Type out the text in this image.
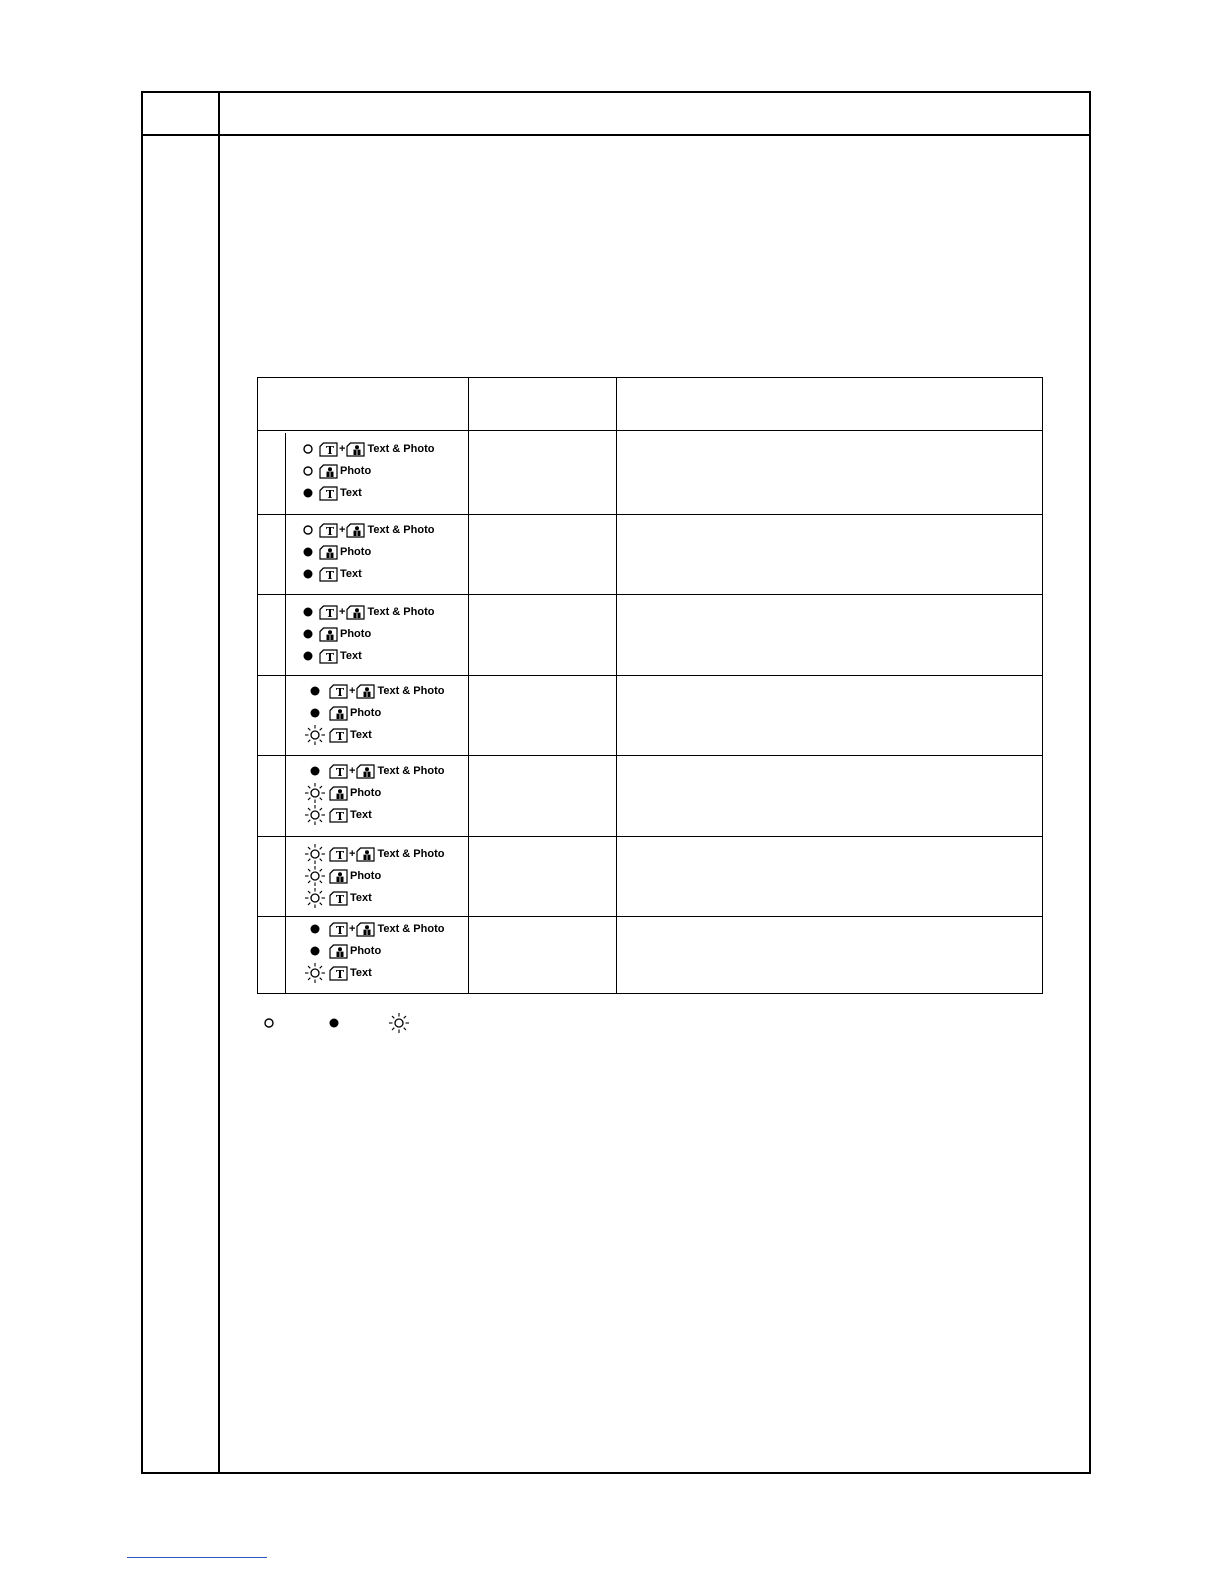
T + Text & Photo
Photo
T Text
T + Text & Photo
Photo
T Text
T + Text & Photo
Photo
T Text
T + Text & Photo
Photo
T Text
T + Text & Photo
Photo
T Text
T + Text & Photo
Photo
T Text
T + Text & Photo
Photo
T Text
